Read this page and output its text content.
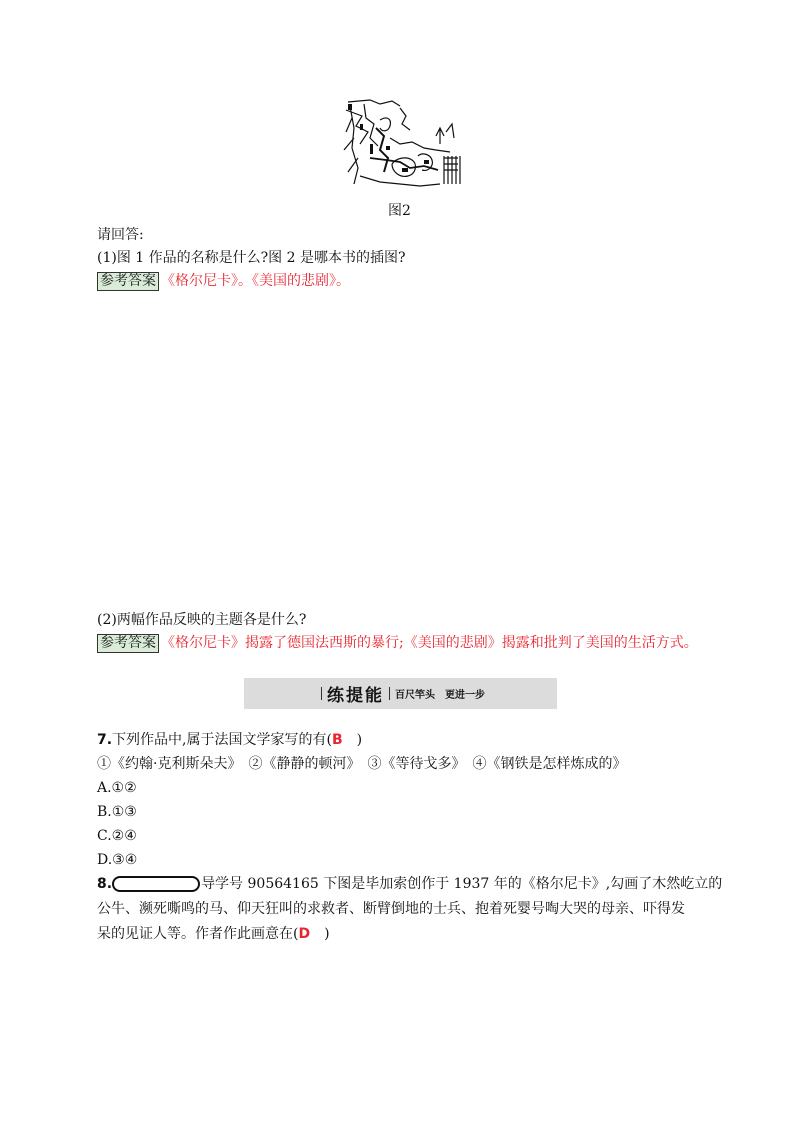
图2
请回答:
(1)图 1 作品的名称是什么?图 2 是哪本书的插图?
参考答案 《格尔尼卡》。《美国的悲剧》。
(2)两幅作品反映的主题各是什么?
参考答案 《格尔尼卡》揭露了德国法西斯的暴行;《美国的悲剧》揭露和批判了美国的生活方式。
练提能 百尺竿头　更进一步
7.下列作品中,属于法国文学家写的有(B　)
①《约翰·克利斯朵夫》　②《静静的顿河》　③《等待戈多》　④《钢铁是怎样炼成的》
A.①②
B.①③
C.②④
D.③④
8.	导学号 90564165 下图是毕加索创作于 1937 年的《格尔尼卡》,勾画了木然屹立的
公牛、濒死嘶鸣的马、仰天狂叫的求救者、断臂倒地的士兵、抱着死婴号啕大哭的母亲、吓得发
呆的见证人等。作者作此画意在(D　)
